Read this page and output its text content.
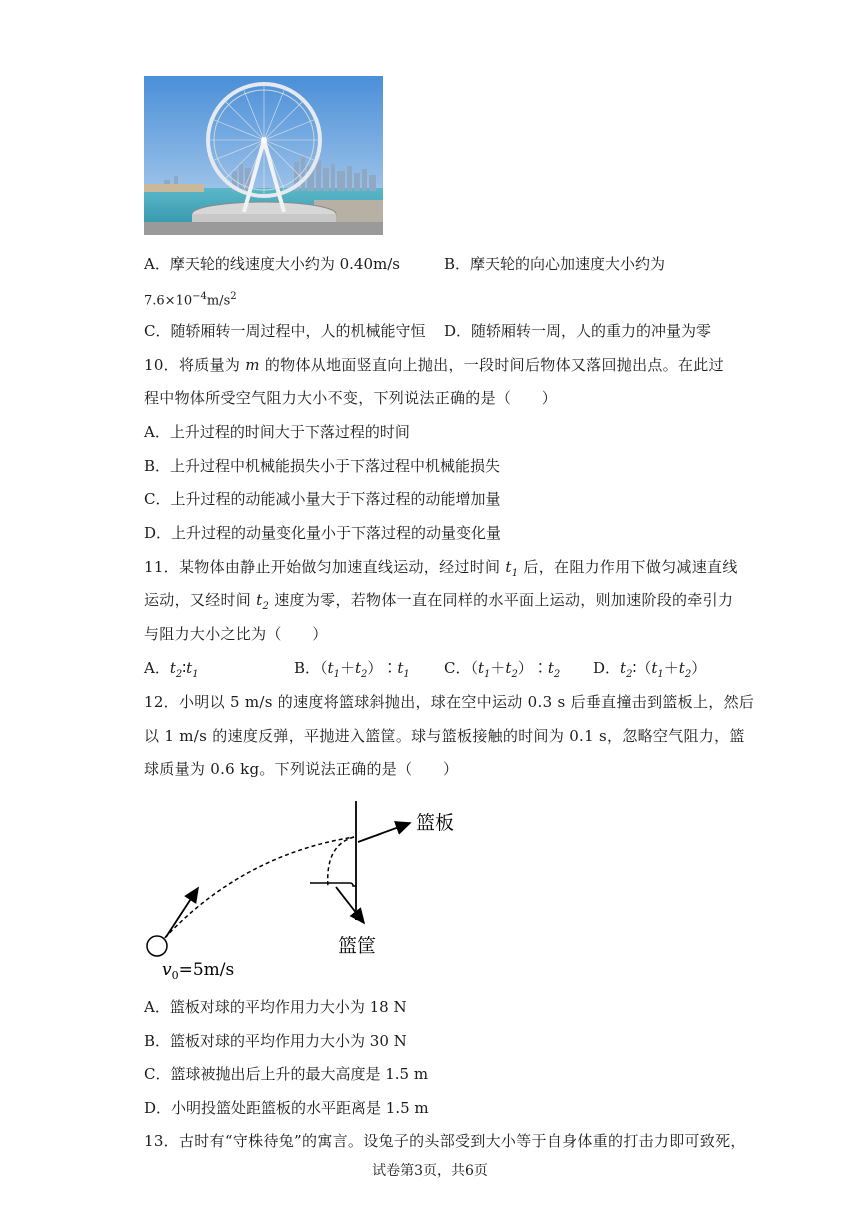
A．摩天轮的线速度大小约为 0.40m/s	B．摩天轮的向心加速度大小约为
$7.6\times 10^{-4}m/s^2$
C．随轿厢转一周过程中，人的机械能守恒 D．随轿厢转一周，人的重力的冲量为零
10．将质量为 m 的物体从地面竖直向上抛出，一段时间后物体又落回抛出点。在此过
程中物体所受空气阻力大小不变，下列说法正确的是（　　）
A．上升过程的时间大于下落过程的时间
B．上升过程中机械能损失小于下落过程中机械能损失
C．上升过程的动能减小量大于下落过程的动能增加量
D．上升过程的动量变化量小于下落过程的动量变化量
11．某物体由静止开始做匀加速直线运动，经过时间 $t_1$ 后，在阻力作用下做匀减速直线
运动，又经时间 $t_2$ 速度为零，若物体一直在同样的水平面上运动，则加速阶段的牵引力
与阻力大小之比为（　　）
A．$t_2∶t_1$	B．$(t_1+t_2)∶t_1$ C．$(t_1+t_2)∶t_2$ D．$t_2∶(t_1+t_2)$
12．小明以 5 m/s 的速度将篮球斜抛出，球在空中运动 0.3 s 后垂直撞击到篮板上，然后
以 1 m/s 的速度反弹，平抛进入篮筐。球与篮板接触的时间为 0.1 s，忽略空气阻力，篮
球质量为 0.6 kg。下列说法正确的是（　　）
篮板
篮筐
$v_0=5m/s$
A．篮板对球的平均作用力大小为 18 N
B．篮板对球的平均作用力大小为 30 N
C．篮球被抛出后上升的最大高度是 1.5 m
D．小明投篮处距篮板的水平距离是 1.5 m
13．古时有“守株待兔”的寓言。设兔子的头部受到大小等于自身体重的打击力即可致死，
试卷第3页，共6页
